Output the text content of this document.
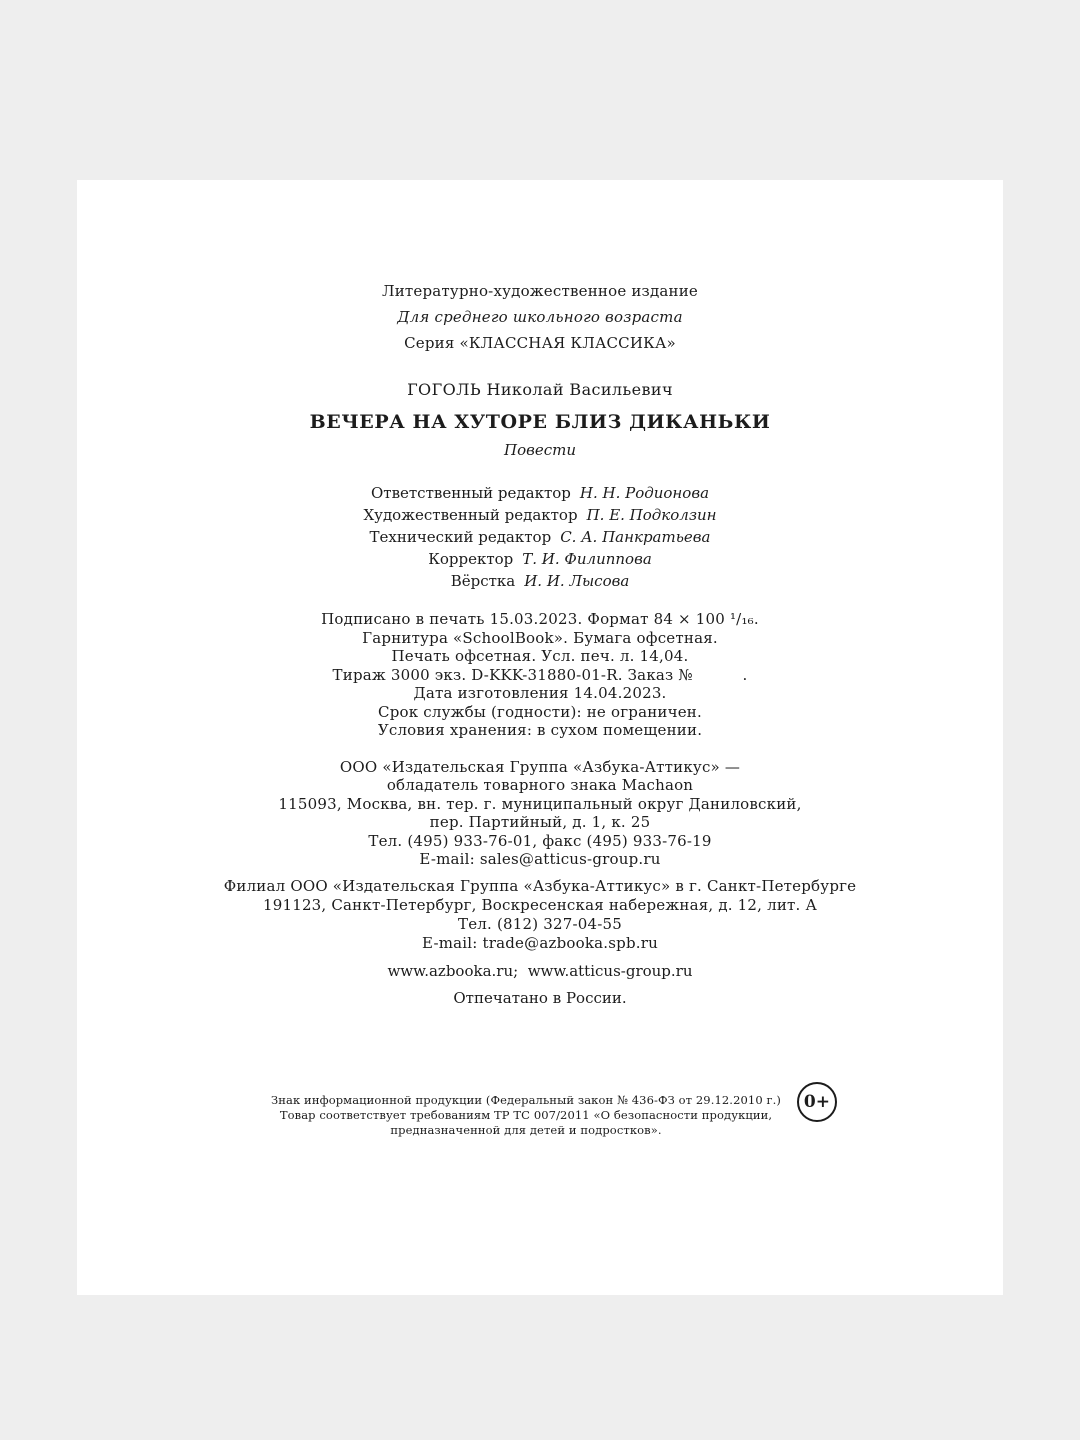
Литературно-художественное издание
Для среднего школьного возраста
Серия «КЛАССНАЯ КЛАССИКА»
ГОГОЛЬ Николай Васильевич
ВЕЧЕРА НА ХУТОРЕ БЛИЗ ДИКАНЬКИ
Повести
Ответственный редактор Н. Н. Родионова
Художественный редактор П. Е. Подколзин
Технический редактор С. А. Панкратьева
Корректор Т. И. Филиппова
Вёрстка И. И. Лысова
Подписано в печать 15.03.2023. Формат 84 × 100 ¹/₁₆.
Гарнитура «SchoolBook». Бумага офсетная.
Печать офсетная. Усл. печ. л. 14,04.
Тираж 3000 экз. D-KKK-31880-01-R. Заказ №          .
Дата изготовления 14.04.2023.
Срок службы (годности): не ограничен.
Условия хранения: в сухом помещении.
ООО «Издательская Группа «Азбука-Аттикус» —
обладатель товарного знака Machaon
115093, Москва, вн. тер. г. муниципальный округ Даниловский,
пер. Партийный, д. 1, к. 25
Тел. (495) 933-76-01, факс (495) 933-76-19
E-mail: sales@atticus-group.ru
Филиал ООО «Издательская Группа «Азбука-Аттикус» в г. Санкт-Петербурге
191123, Санкт-Петербург, Воскресенская набережная, д. 12, лит. А
Тел. (812) 327-04-55
E-mail: trade@azbooka.spb.ru
www.azbooka.ru;  www.atticus-group.ru
Отпечатано в России.
Знак информационной продукции (Федеральный закон № 436-ФЗ от 29.12.2010 г.)
Товар соответствует требованиям ТР ТС 007/2011 «О безопасности продукции,
предназначенной для детей и подростков».
0+
